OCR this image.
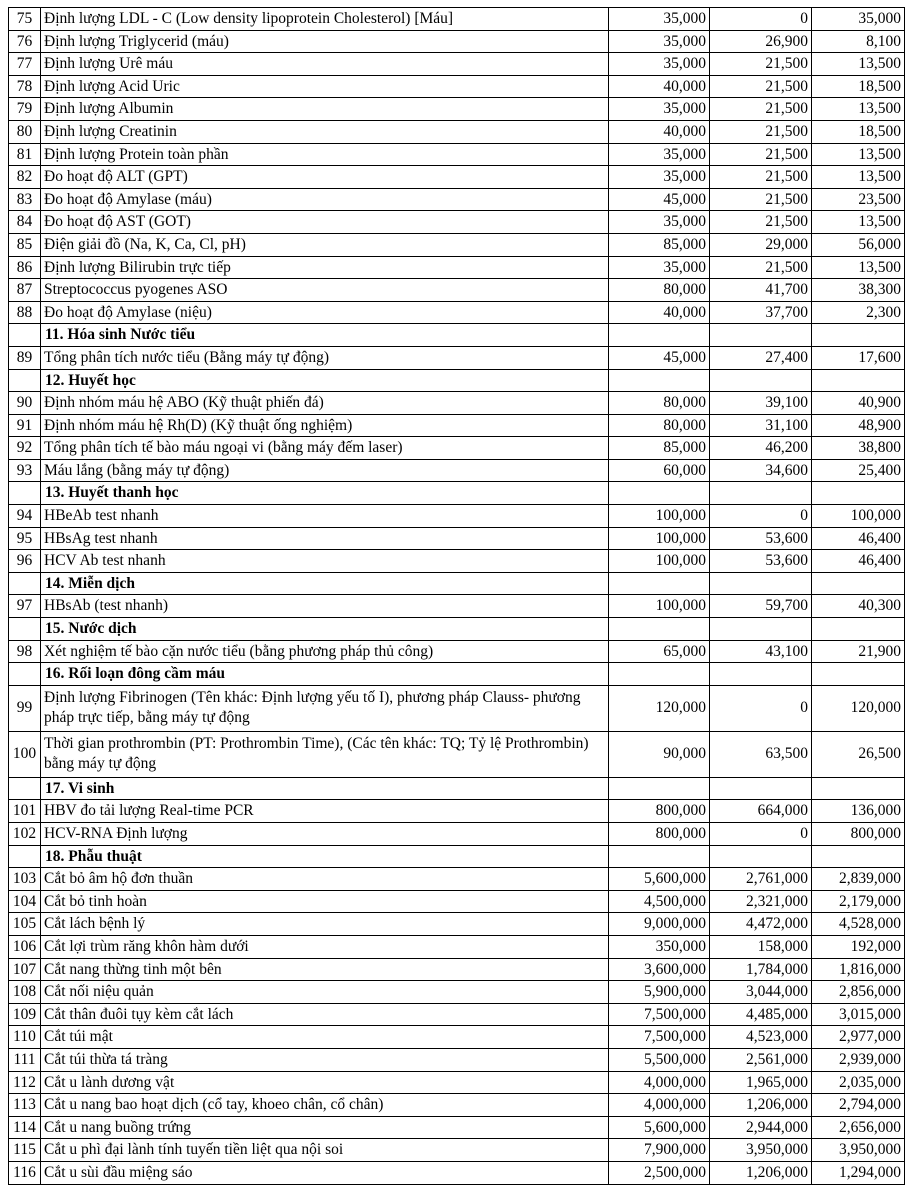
75	Định lượng LDL - C (Low density lipoprotein Cholesterol) [Máu]	35,000	0	35,000
76	Định lượng Triglycerid (máu)	35,000	26,900	8,100
77	Định lượng Urê máu	35,000	21,500	13,500
78	Định lượng Acid Uric	40,000	21,500	18,500
79	Định lượng Albumin	35,000	21,500	13,500
80	Định lượng Creatinin	40,000	21,500	18,500
81	Định lượng Protein toàn phần	35,000	21,500	13,500
82	Đo hoạt độ ALT (GPT)	35,000	21,500	13,500
83	Đo hoạt độ Amylase (máu)	45,000	21,500	23,500
84	Đo hoạt độ AST (GOT)	35,000	21,500	13,500
85	Điện giải đồ (Na, K, Ca, Cl, pH)	85,000	29,000	56,000
86	Định lượng Bilirubin trực tiếp	35,000	21,500	13,500
87	Streptococcus pyogenes ASO	80,000	41,700	38,300
88	Đo hoạt độ Amylase (niệu)	40,000	37,700	2,300
	11. Hóa sinh Nước tiểu			
89	Tổng phân tích nước tiểu (Bằng máy tự động)	45,000	27,400	17,600
	12. Huyết học			
90	Định nhóm máu hệ ABO (Kỹ thuật phiến đá)	80,000	39,100	40,900
91	Định nhóm máu hệ Rh(D) (Kỹ thuật ống nghiệm)	80,000	31,100	48,900
92	Tổng phân tích tế bào máu ngoại vi (bằng máy đếm laser)	85,000	46,200	38,800
93	Máu lắng (bằng máy tự động)	60,000	34,600	25,400
	13. Huyết thanh học			
94	HBeAb test nhanh	100,000	0	100,000
95	HBsAg test nhanh	100,000	53,600	46,400
96	HCV Ab test nhanh	100,000	53,600	46,400
	14. Miễn dịch			
97	HBsAb (test nhanh)	100,000	59,700	40,300
	15. Nước dịch			
98	Xét nghiệm tế bào cặn nước tiểu (bằng phương pháp thủ công)	65,000	43,100	21,900
	16. Rối loạn đông cầm máu			
99	Định lượng Fibrinogen (Tên khác: Định lượng yếu tố I), phương pháp Clauss- phương pháp trực tiếp, bằng máy tự động	120,000	0	120,000
100	Thời gian prothrombin (PT: Prothrombin Time), (Các tên khác: TQ; Tỷ lệ Prothrombin) bằng máy tự động	90,000	63,500	26,500
	17. Vi sinh			
101	HBV đo tải lượng Real-time PCR	800,000	664,000	136,000
102	HCV-RNA Định lượng	800,000	0	800,000
	18. Phẫu thuật			
103	Cắt bỏ âm hộ đơn thuần	5,600,000	2,761,000	2,839,000
104	Cắt bỏ tinh hoàn	4,500,000	2,321,000	2,179,000
105	Cắt lách bệnh lý	9,000,000	4,472,000	4,528,000
106	Cắt lợi trùm răng khôn hàm dưới	350,000	158,000	192,000
107	Cắt nang thừng tinh một bên	3,600,000	1,784,000	1,816,000
108	Cắt nối niệu quản	5,900,000	3,044,000	2,856,000
109	Cắt thân đuôi tụy kèm cắt lách	7,500,000	4,485,000	3,015,000
110	Cắt túi mật	7,500,000	4,523,000	2,977,000
111	Cắt túi thừa tá tràng	5,500,000	2,561,000	2,939,000
112	Cắt u lành dương vật	4,000,000	1,965,000	2,035,000
113	Cắt u nang bao hoạt dịch (cổ tay, khoeo chân, cổ chân)	4,000,000	1,206,000	2,794,000
114	Cắt u nang buồng trứng	5,600,000	2,944,000	2,656,000
115	Cắt u phì đại lành tính tuyến tiền liệt qua nội soi	7,900,000	3,950,000	3,950,000
116	Cắt u sùi đầu miệng sáo	2,500,000	1,206,000	1,294,000
